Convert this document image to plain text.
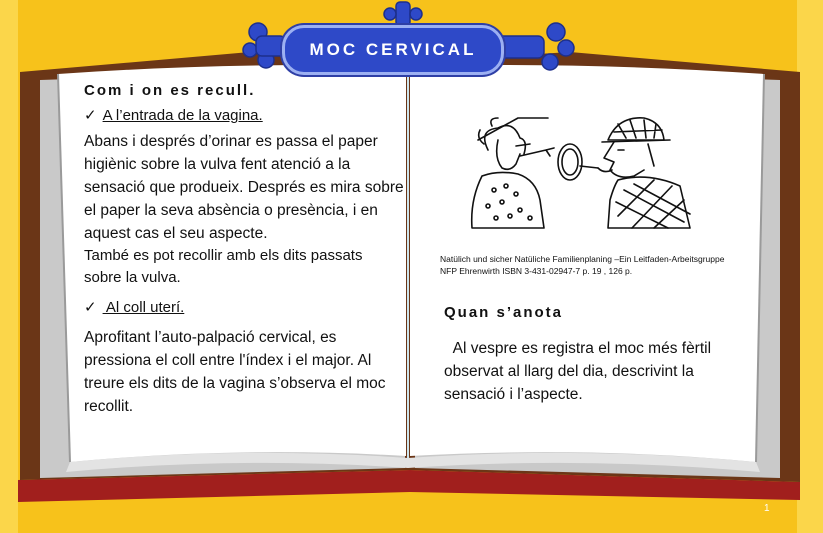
MOC CERVICAL

Com i on es recull.

✓ A l’entrada de la vagina.

Abans i després d’orinar es passa el paper higiènic sobre la vulva fent atenció a la sensació que produeix. Després es mira sobre el paper la seva absència o presència, i en aquest cas el seu aspecte.

També es pot recollir amb els dits passats sobre la vulva.

✓ Al coll uterí.

Aprofitant l’auto-palpació cervical, es pressiona el coll entre l'índex i el major. Al treure els dits de la vagina s’observa el moc recollit.

Natülich und sicher Natüliche Familienplaning –Ein Leitfaden-Arbeitsgruppe NFP Ehrenwirth ISBN 3-431-02947-7 p. 19 , 126 p.
Quan s’anota
Al vespre es registra el moc més fèrtil observat al llarg del dia, descrivint la sensació i l’aspecte.
1
